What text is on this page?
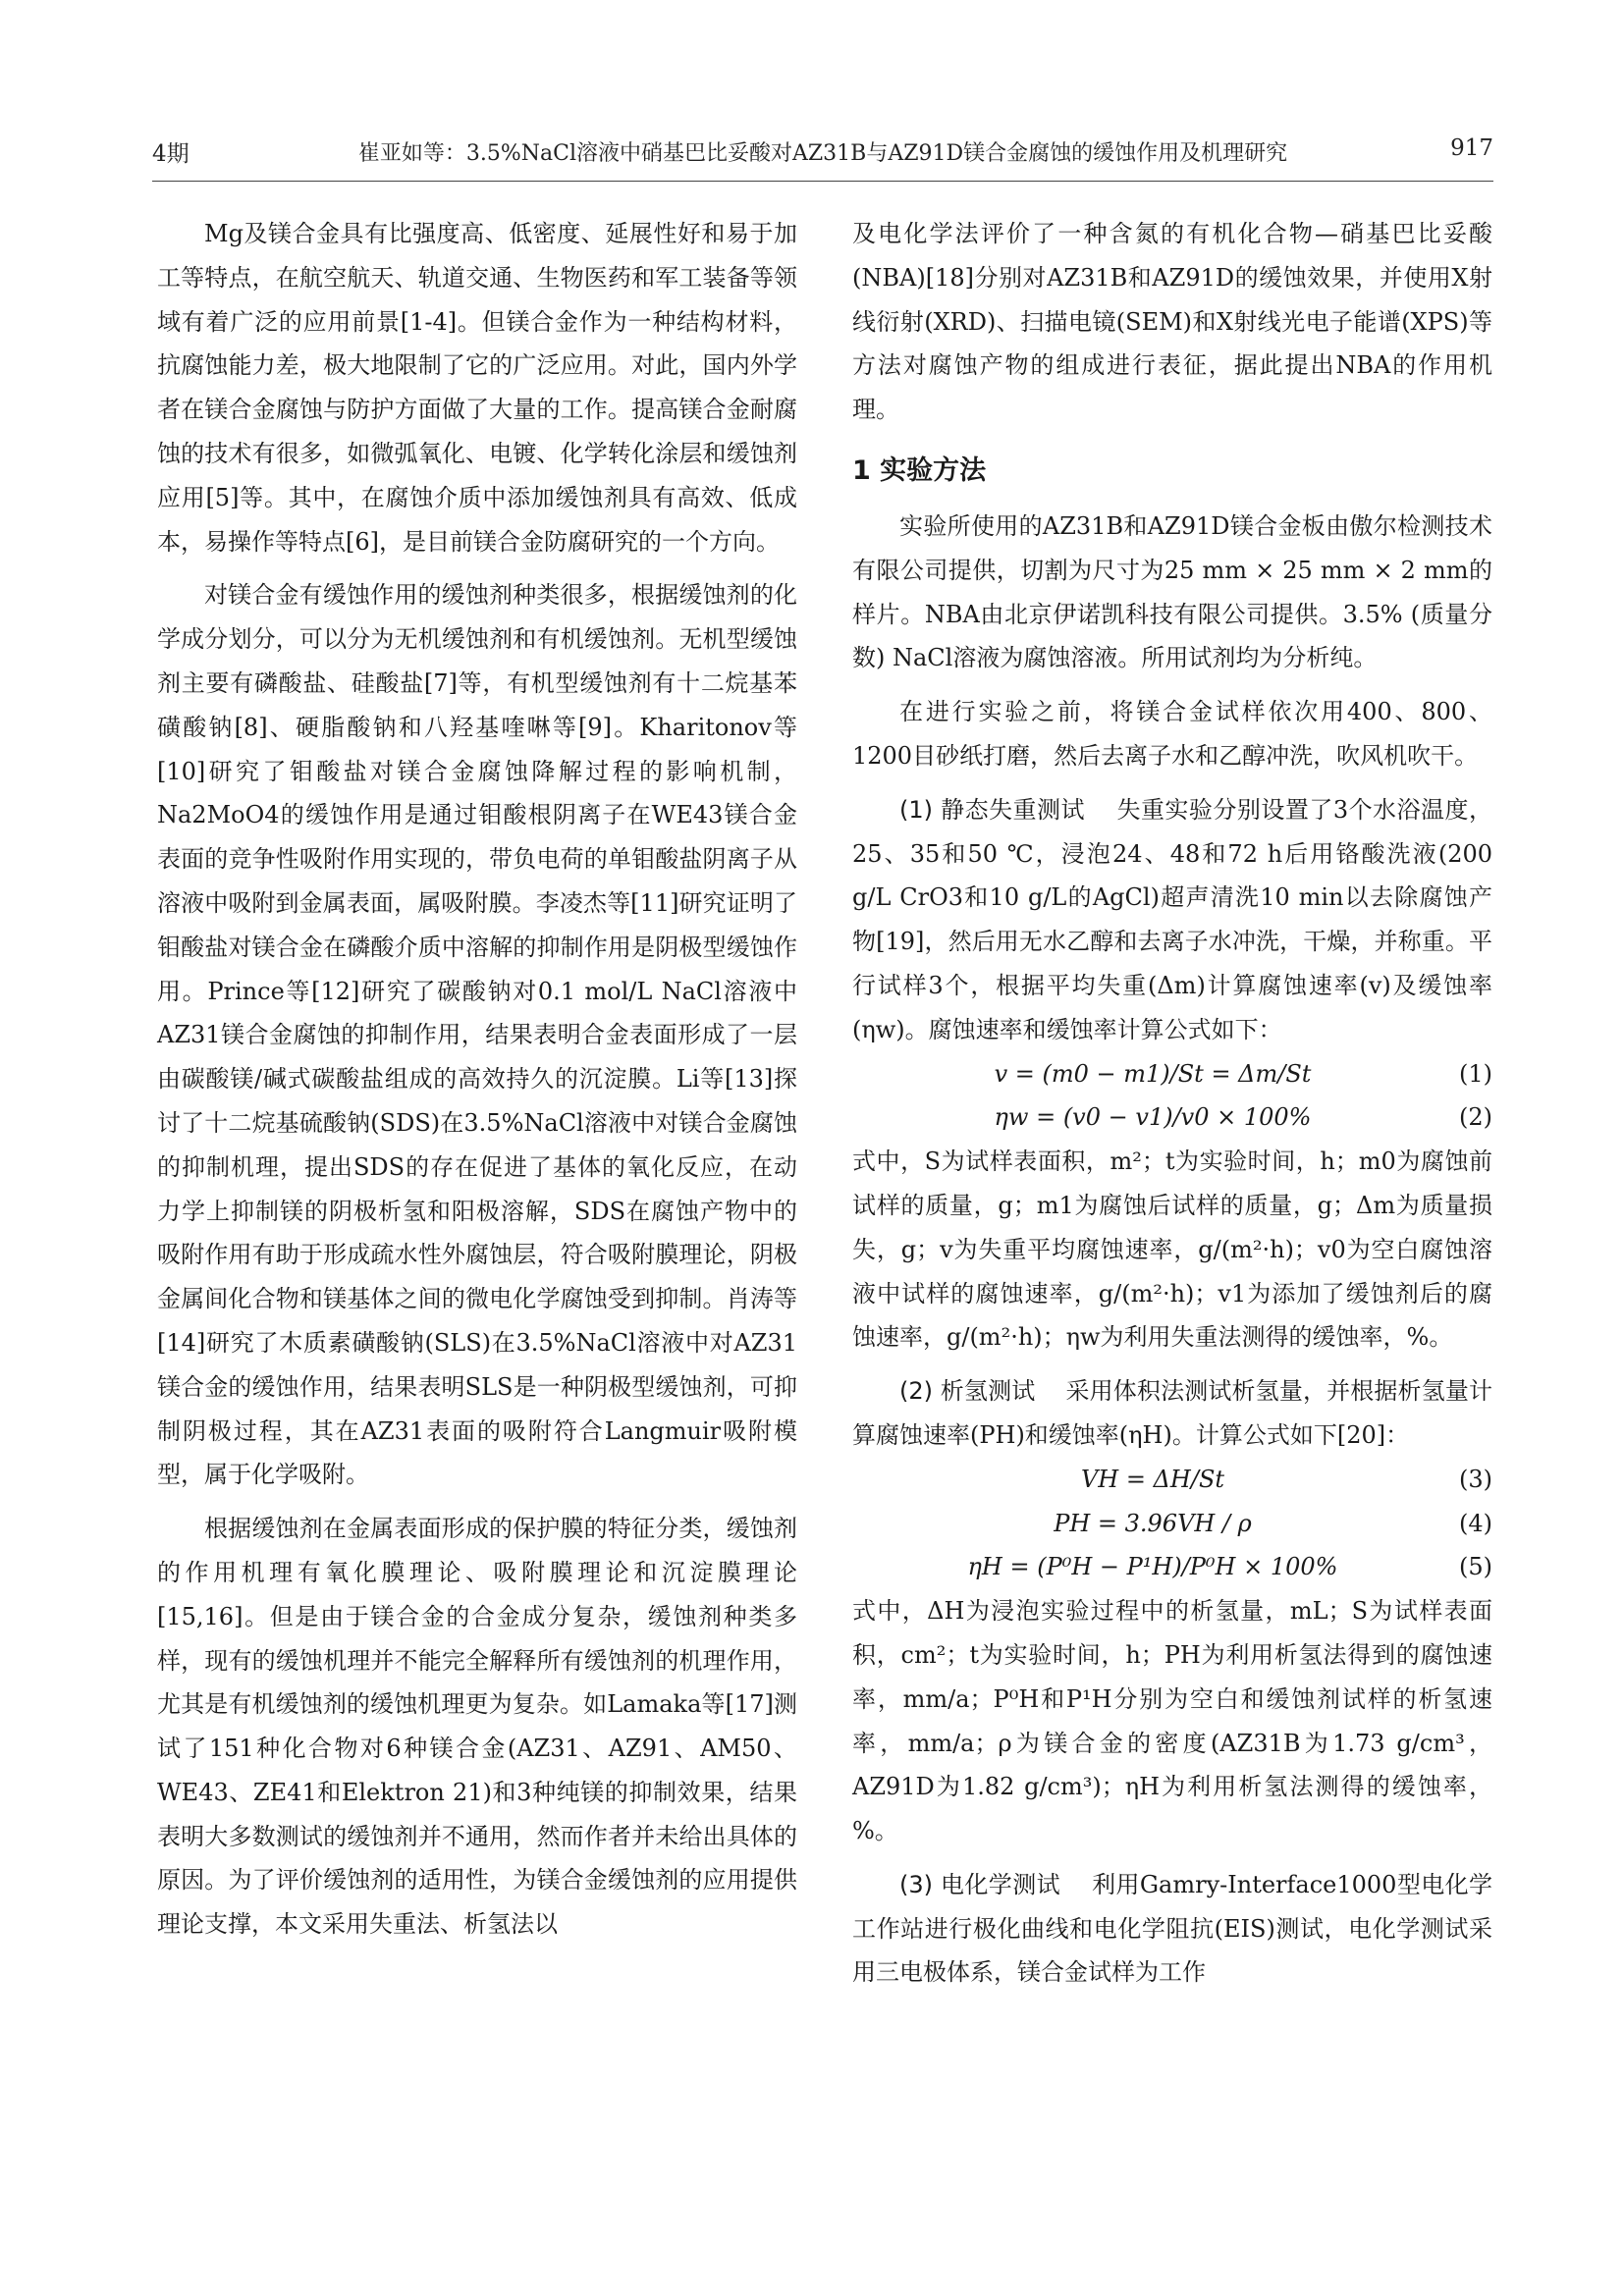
4期	崔亚如等：3.5%NaCl溶液中硝基巴比妥酸对AZ31B与AZ91D镁合金腐蚀的缓蚀作用及机理研究	917

Mg及镁合金具有比强度高、低密度、延展性好和易于加工等特点，在航空航天、轨道交通、生物医药和军工装备等领域有着广泛的应用前景[1-4]。但镁合金作为一种结构材料，抗腐蚀能力差，极大地限制了它的广泛应用。对此，国内外学者在镁合金腐蚀与防护方面做了大量的工作。提高镁合金耐腐蚀的技术有很多，如微弧氧化、电镀、化学转化涂层和缓蚀剂应用[5]等。其中，在腐蚀介质中添加缓蚀剂具有高效、低成本，易操作等特点[6]，是目前镁合金防腐研究的一个方向。

对镁合金有缓蚀作用的缓蚀剂种类很多，根据缓蚀剂的化学成分划分，可以分为无机缓蚀剂和有机缓蚀剂。无机型缓蚀剂主要有磷酸盐、硅酸盐[7]等，有机型缓蚀剂有十二烷基苯磺酸钠[8]、硬脂酸钠和八羟基喹啉等[9]。Kharitonov等[10]研究了钼酸盐对镁合金腐蚀降解过程的影响机制，Na2MoO4的缓蚀作用是通过钼酸根阴离子在WE43镁合金表面的竞争性吸附作用实现的，带负电荷的单钼酸盐阴离子从溶液中吸附到金属表面，属吸附膜。李凌杰等[11]研究证明了钼酸盐对镁合金在磷酸介质中溶解的抑制作用是阴极型缓蚀作用。Prince等[12]研究了碳酸钠对0.1 mol/L NaCl溶液中AZ31镁合金腐蚀的抑制作用，结果表明合金表面形成了一层由碳酸镁/碱式碳酸盐组成的高效持久的沉淀膜。Li等[13]探讨了十二烷基硫酸钠(SDS)在3.5%NaCl溶液中对镁合金腐蚀的抑制机理，提出SDS的存在促进了基体的氧化反应，在动力学上抑制镁的阴极析氢和阳极溶解，SDS在腐蚀产物中的吸附作用有助于形成疏水性外腐蚀层，符合吸附膜理论，阴极金属间化合物和镁基体之间的微电化学腐蚀受到抑制。肖涛等[14]研究了木质素磺酸钠(SLS)在3.5%NaCl溶液中对AZ31镁合金的缓蚀作用，结果表明SLS是一种阴极型缓蚀剂，可抑制阴极过程，其在AZ31表面的吸附符合Langmuir吸附模型，属于化学吸附。

根据缓蚀剂在金属表面形成的保护膜的特征分类，缓蚀剂的作用机理有氧化膜理论、吸附膜理论和沉淀膜理论[15,16]。但是由于镁合金的合金成分复杂，缓蚀剂种类多样，现有的缓蚀机理并不能完全解释所有缓蚀剂的机理作用，尤其是有机缓蚀剂的缓蚀机理更为复杂。如Lamaka等[17]测试了151种化合物对6种镁合金(AZ31、AZ91、AM50、WE43、ZE41和Elektron 21)和3种纯镁的抑制效果，结果表明大多数测试的缓蚀剂并不通用，然而作者并未给出具体的原因。为了评价缓蚀剂的适用性，为镁合金缓蚀剂的应用提供理论支撑，本文采用失重法、析氢法以

及电化学法评价了一种含氮的有机化合物—硝基巴比妥酸(NBA)[18]分别对AZ31B和AZ91D的缓蚀效果，并使用X射线衍射(XRD)、扫描电镜(SEM)和X射线光电子能谱(XPS)等方法对腐蚀产物的组成进行表征，据此提出NBA的作用机理。

1 实验方法

实验所使用的AZ31B和AZ91D镁合金板由傲尔检测技术有限公司提供，切割为尺寸为25 mm × 25 mm × 2 mm的样片。NBA由北京伊诺凯科技有限公司提供。3.5% (质量分数) NaCl溶液为腐蚀溶液。所用试剂均为分析纯。

在进行实验之前，将镁合金试样依次用400、800、1200目砂纸打磨，然后去离子水和乙醇冲洗，吹风机吹干。

(1) 静态失重测试 失重实验分别设置了3个水浴温度，25、35和50 ℃，浸泡24、48和72 h后用铬酸洗液(200 g/L CrO3和10 g/L的AgCl)超声清洗10 min以去除腐蚀产物[19]，然后用无水乙醇和去离子水冲洗，干燥，并称重。平行试样3个，根据平均失重(Δm)计算腐蚀速率(v)及缓蚀率(ηw)。腐蚀速率和缓蚀率计算公式如下：

v = (m0 − m1)/St = Δm/St	(1)
ηw = (v0 − v1)/v0 × 100%	(2)

式中，S为试样表面积，m²；t为实验时间，h；m0为腐蚀前试样的质量，g；m1为腐蚀后试样的质量，g；Δm为质量损失，g；v为失重平均腐蚀速率，g/(m²·h)；v0为空白腐蚀溶液中试样的腐蚀速率，g/(m²·h)；v1为添加了缓蚀剂后的腐蚀速率，g/(m²·h)；ηw为利用失重法测得的缓蚀率，%。

(2) 析氢测试 采用体积法测试析氢量，并根据析氢量计算腐蚀速率(PH)和缓蚀率(ηH)。计算公式如下[20]：

VH = ΔH/St	(3)
PH = 3.96VH / ρ	(4)
ηH = (P⁰H − P¹H)/P⁰H × 100%	(5)

式中，ΔH为浸泡实验过程中的析氢量，mL；S为试样表面积，cm²；t为实验时间，h；PH为利用析氢法得到的腐蚀速率，mm/a；P⁰H和P¹H分别为空白和缓蚀剂试样的析氢速率，mm/a；ρ为镁合金的密度(AZ31B为1.73 g/cm³，AZ91D为1.82 g/cm³)；ηH为利用析氢法测得的缓蚀率，%。

(3) 电化学测试 利用Gamry-Interface1000型电化学工作站进行极化曲线和电化学阻抗(EIS)测试，电化学测试采用三电极体系，镁合金试样为工作
